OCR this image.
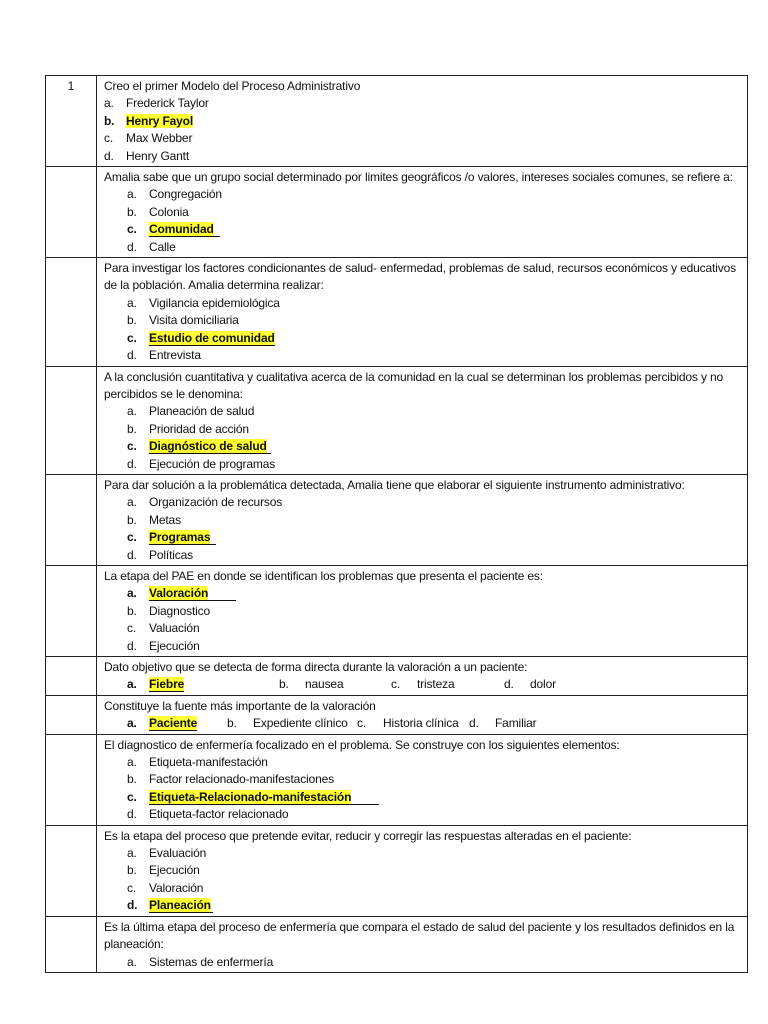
1	Creo el primer Modelo del Proceso Administrativo
a. Frederick Taylor
b. Henry Fayol
c. Max Webber
d. Henry Gantt

	Amalia sabe que un grupo social determinado por limites geográficos /o valores, intereses sociales comunes, se refiere a:
a. Congregación
b. Colonia
c. Comunidad
d. Calle

	Para investigar los factores condicionantes de salud- enfermedad, problemas de salud, recursos económicos y educativos de la población. Amalia determina realizar:
a. Vigilancia epidemiológica
b. Visita domiciliaria
c. Estudio de comunidad
d. Entrevista

	A la conclusión cuantitativa y cualitativa acerca de la comunidad en la cual se determinan los problemas percibidos y no percibidos se le denomina:
a. Planeación de salud
b. Prioridad de acción
c. Diagnóstico de salud
d. Ejecución de programas

	Para dar solución a la problemática detectada, Amalia tiene que elaborar el siguiente instrumento administrativo:
a. Organización de recursos
b. Metas
c. Programas
d. Políticas

	La etapa del PAE en donde se identifican los problemas que presenta el paciente es:
a. Valoración
b. Diagnostico
c. Valuación
d. Ejecución

	Dato objetivo que se detecta de forma directa durante la valoración a un paciente:
a. Fiebre b. nausea c. tristeza d. dolor

	Constituye la fuente más importante de la valoración
a. Paciente b. Expediente clínico c. Historia clínica d. Familiar

	El diagnostico de enfermería focalizado en el problema. Se construye con los siguientes elementos:
a. Etiqueta-manifestación
b. Factor relacionado-manifestaciones
c. Etiqueta-Relacionado-manifestación
d. Etiqueta-factor relacionado

	Es la etapa del proceso que pretende evitar, reducir y corregir las respuestas alteradas en el paciente:
a. Evaluación
b. Ejecución
c. Valoración
d. Planeación

	Es la última etapa del proceso de enfermería que compara el estado de salud del paciente y los resultados definidos en la planeación:
a. Sistemas de enfermería
